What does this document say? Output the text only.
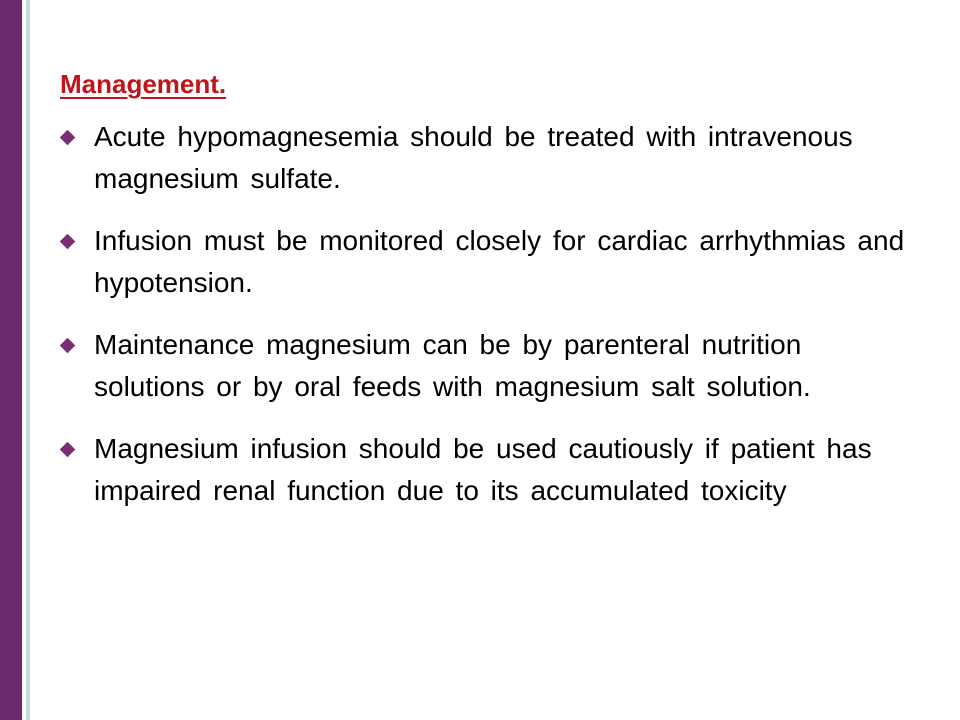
Management.
Acute hypomagnesemia should be treated with intravenous magnesium sulfate.
Infusion must be monitored closely for cardiac arrhythmias and hypotension.
Maintenance magnesium can be by parenteral nutrition solutions or by oral feeds with magnesium salt solution.
Magnesium infusion should be used cautiously if patient has impaired renal function due to its accumulated toxicity
